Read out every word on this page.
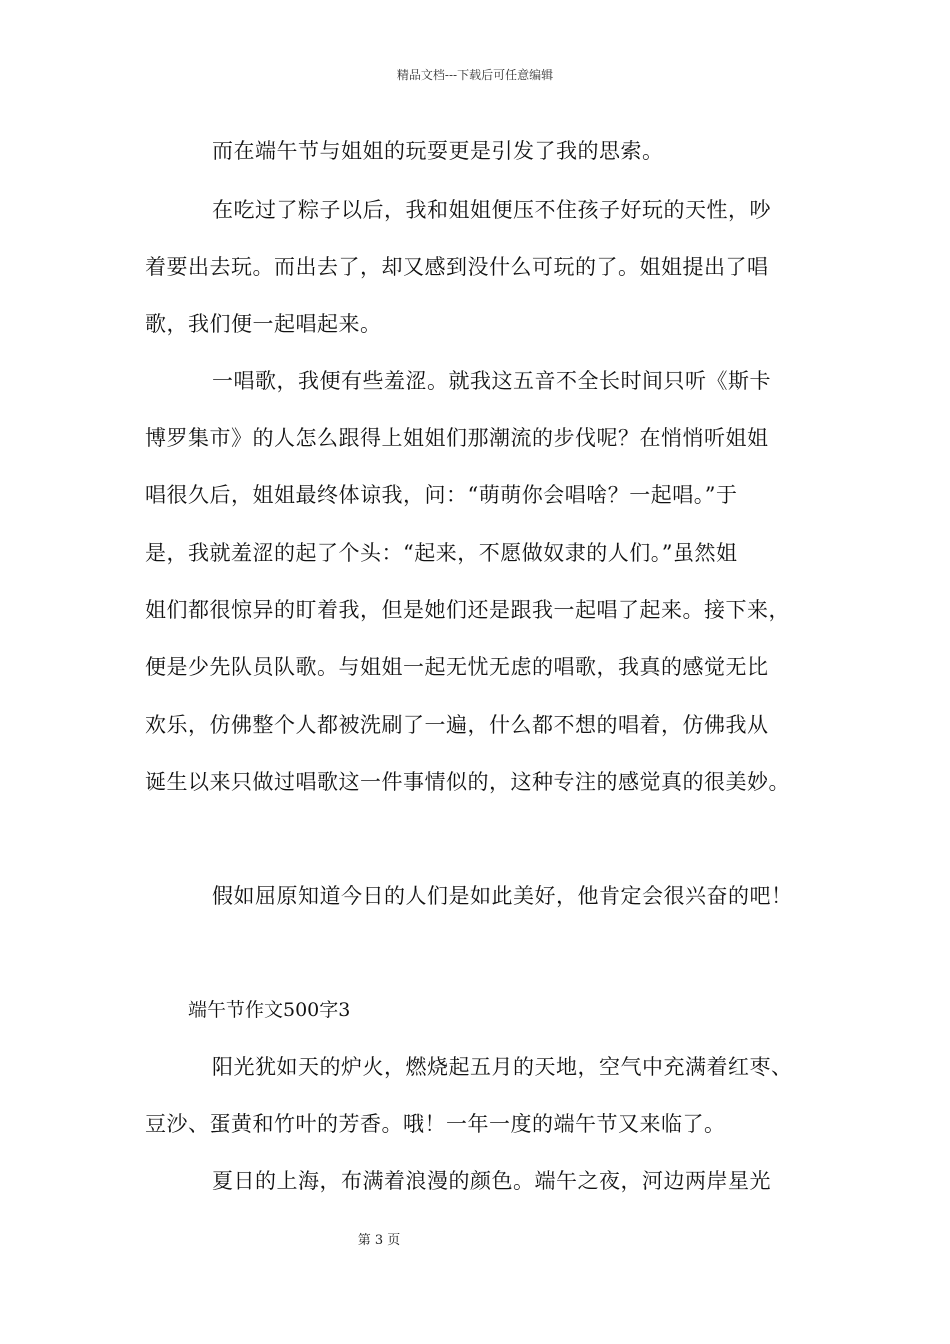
精品文档---下载后可任意编辑
而在端午节与姐姐的玩耍更是引发了我的思索。
在吃过了粽子以后，我和姐姐便压不住孩子好玩的天性，吵
着要出去玩。而出去了，却又感到没什么可玩的了。姐姐提出了唱
歌，我们便一起唱起来。
一唱歌，我便有些羞涩。就我这五音不全长时间只听《斯卡
博罗集市》的人怎么跟得上姐姐们那潮流的步伐呢？在悄悄听姐姐
唱很久后，姐姐最终体谅我，问：“萌萌你会唱啥？一起唱。”于
是，我就羞涩的起了个头：“起来，不愿做奴隶的人们。”虽然姐
姐们都很惊异的盯着我，但是她们还是跟我一起唱了起来。接下来，
便是少先队员队歌。与姐姐一起无忧无虑的唱歌，我真的感觉无比
欢乐，仿佛整个人都被洗刷了一遍，什么都不想的唱着，仿佛我从
诞生以来只做过唱歌这一件事情似的，这种专注的感觉真的很美妙。
假如屈原知道今日的人们是如此美好，他肯定会很兴奋的吧！
端午节作文500字3
阳光犹如天的炉火，燃烧起五月的天地，空气中充满着红枣、
豆沙、蛋黄和竹叶的芳香。哦！一年一度的端午节又来临了。
夏日的上海，布满着浪漫的颜色。端午之夜，河边两岸星光
第 3 页
